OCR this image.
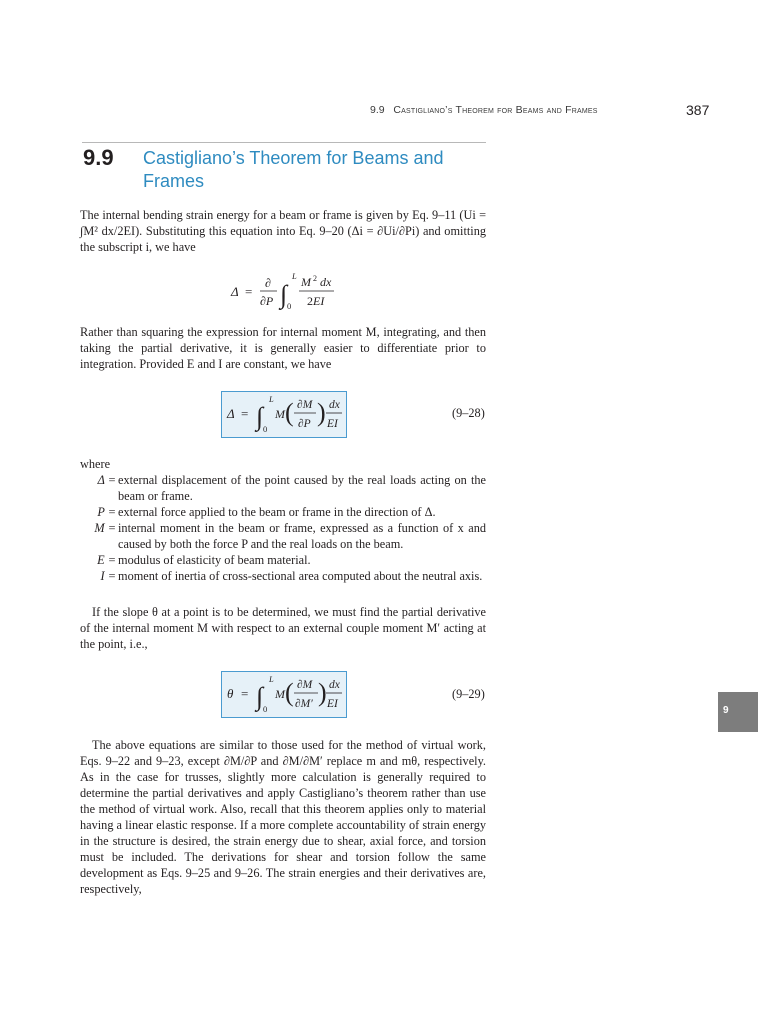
9.9 Castigliano’s Theorem for Beams and Frames	387
9.9 Castigliano’s Theorem for Beams and Frames
The internal bending strain energy for a beam or frame is given by Eq. 9–11 (Ui = ∫M² dx/2EI). Substituting this equation into Eq. 9–20 (Δi = ∂Ui/∂Pi) and omitting the subscript i, we have
Δ =
∂
∂P ∫
L
0
M 2 dx
2EI
Rather than squaring the expression for internal moment M, integrating, and then taking the partial derivative, it is generally easier to differentiate prior to integration. Provided E and I are constant, we have
Δ = ∫
L
0
M ( ∂M
∂P ) dx
EI
(9–28)
where
Δ = external displacement of the point caused by the real loads acting on the beam or frame.
P = external force applied to the beam or frame in the direction of Δ.
M = internal moment in the beam or frame, expressed as a function of x and caused by both the force P and the real loads on the beam.
E = modulus of elasticity of beam material.
I = moment of inertia of cross-sectional area computed about the neutral axis.
If the slope θ at a point is to be determined, we must find the partial derivative of the internal moment M with respect to an external couple moment M′ acting at the point, i.e.,
θ = ∫
L
0
M ( ∂M
∂M′ ) dx
EI
(9–29)
The above equations are similar to those used for the method of virtual work, Eqs. 9–22 and 9–23, except ∂M/∂P and ∂M/∂M′ replace m and mθ, respectively. As in the case for trusses, slightly more calculation is generally required to determine the partial derivatives and apply Castigliano’s theorem rather than use the method of virtual work. Also, recall that this theorem applies only to material having a linear elastic response. If a more complete accountability of strain energy in the structure is desired, the strain energy due to shear, axial force, and torsion must be included. The derivations for shear and torsion follow the same development as Eqs. 9–25 and 9–26. The strain energies and their derivatives are, respectively,
9
